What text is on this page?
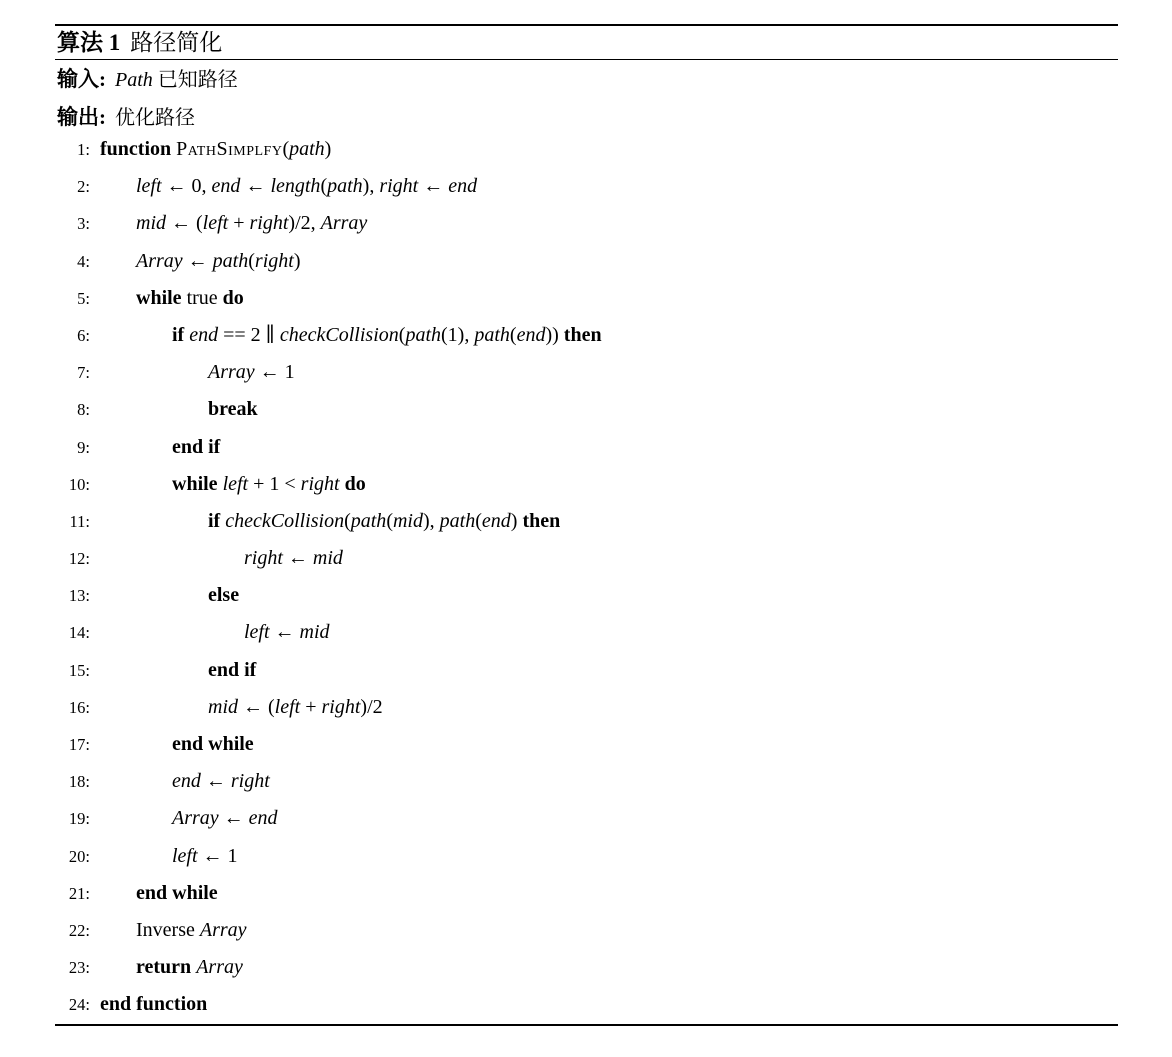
算法 1 路径简化
输入: Path 已知路径
输出: 优化路径
1: function PathSimplfy(path)
2:	left ← 0, end ← length(path), right ← end
3:	mid ← (left + right)/2, Array
4:	Array ← path(right)
5:	while true do
6:	if end == 2 ∥ checkCollision(path(1), path(end)) then
7:	Array ← 1
8:	break
9:	end if
10:	while left + 1 < right do
11:	if checkCollision(path(mid), path(end) then
12:	right ← mid
13:	else
14:	left ← mid
15:	end if
16:	mid ← (left + right)/2
17:	end while
18:	end ← right
19:	Array ← end
20:	left ← 1
21:	end while
22:	Inverse Array
23:	return Array
24: end function
